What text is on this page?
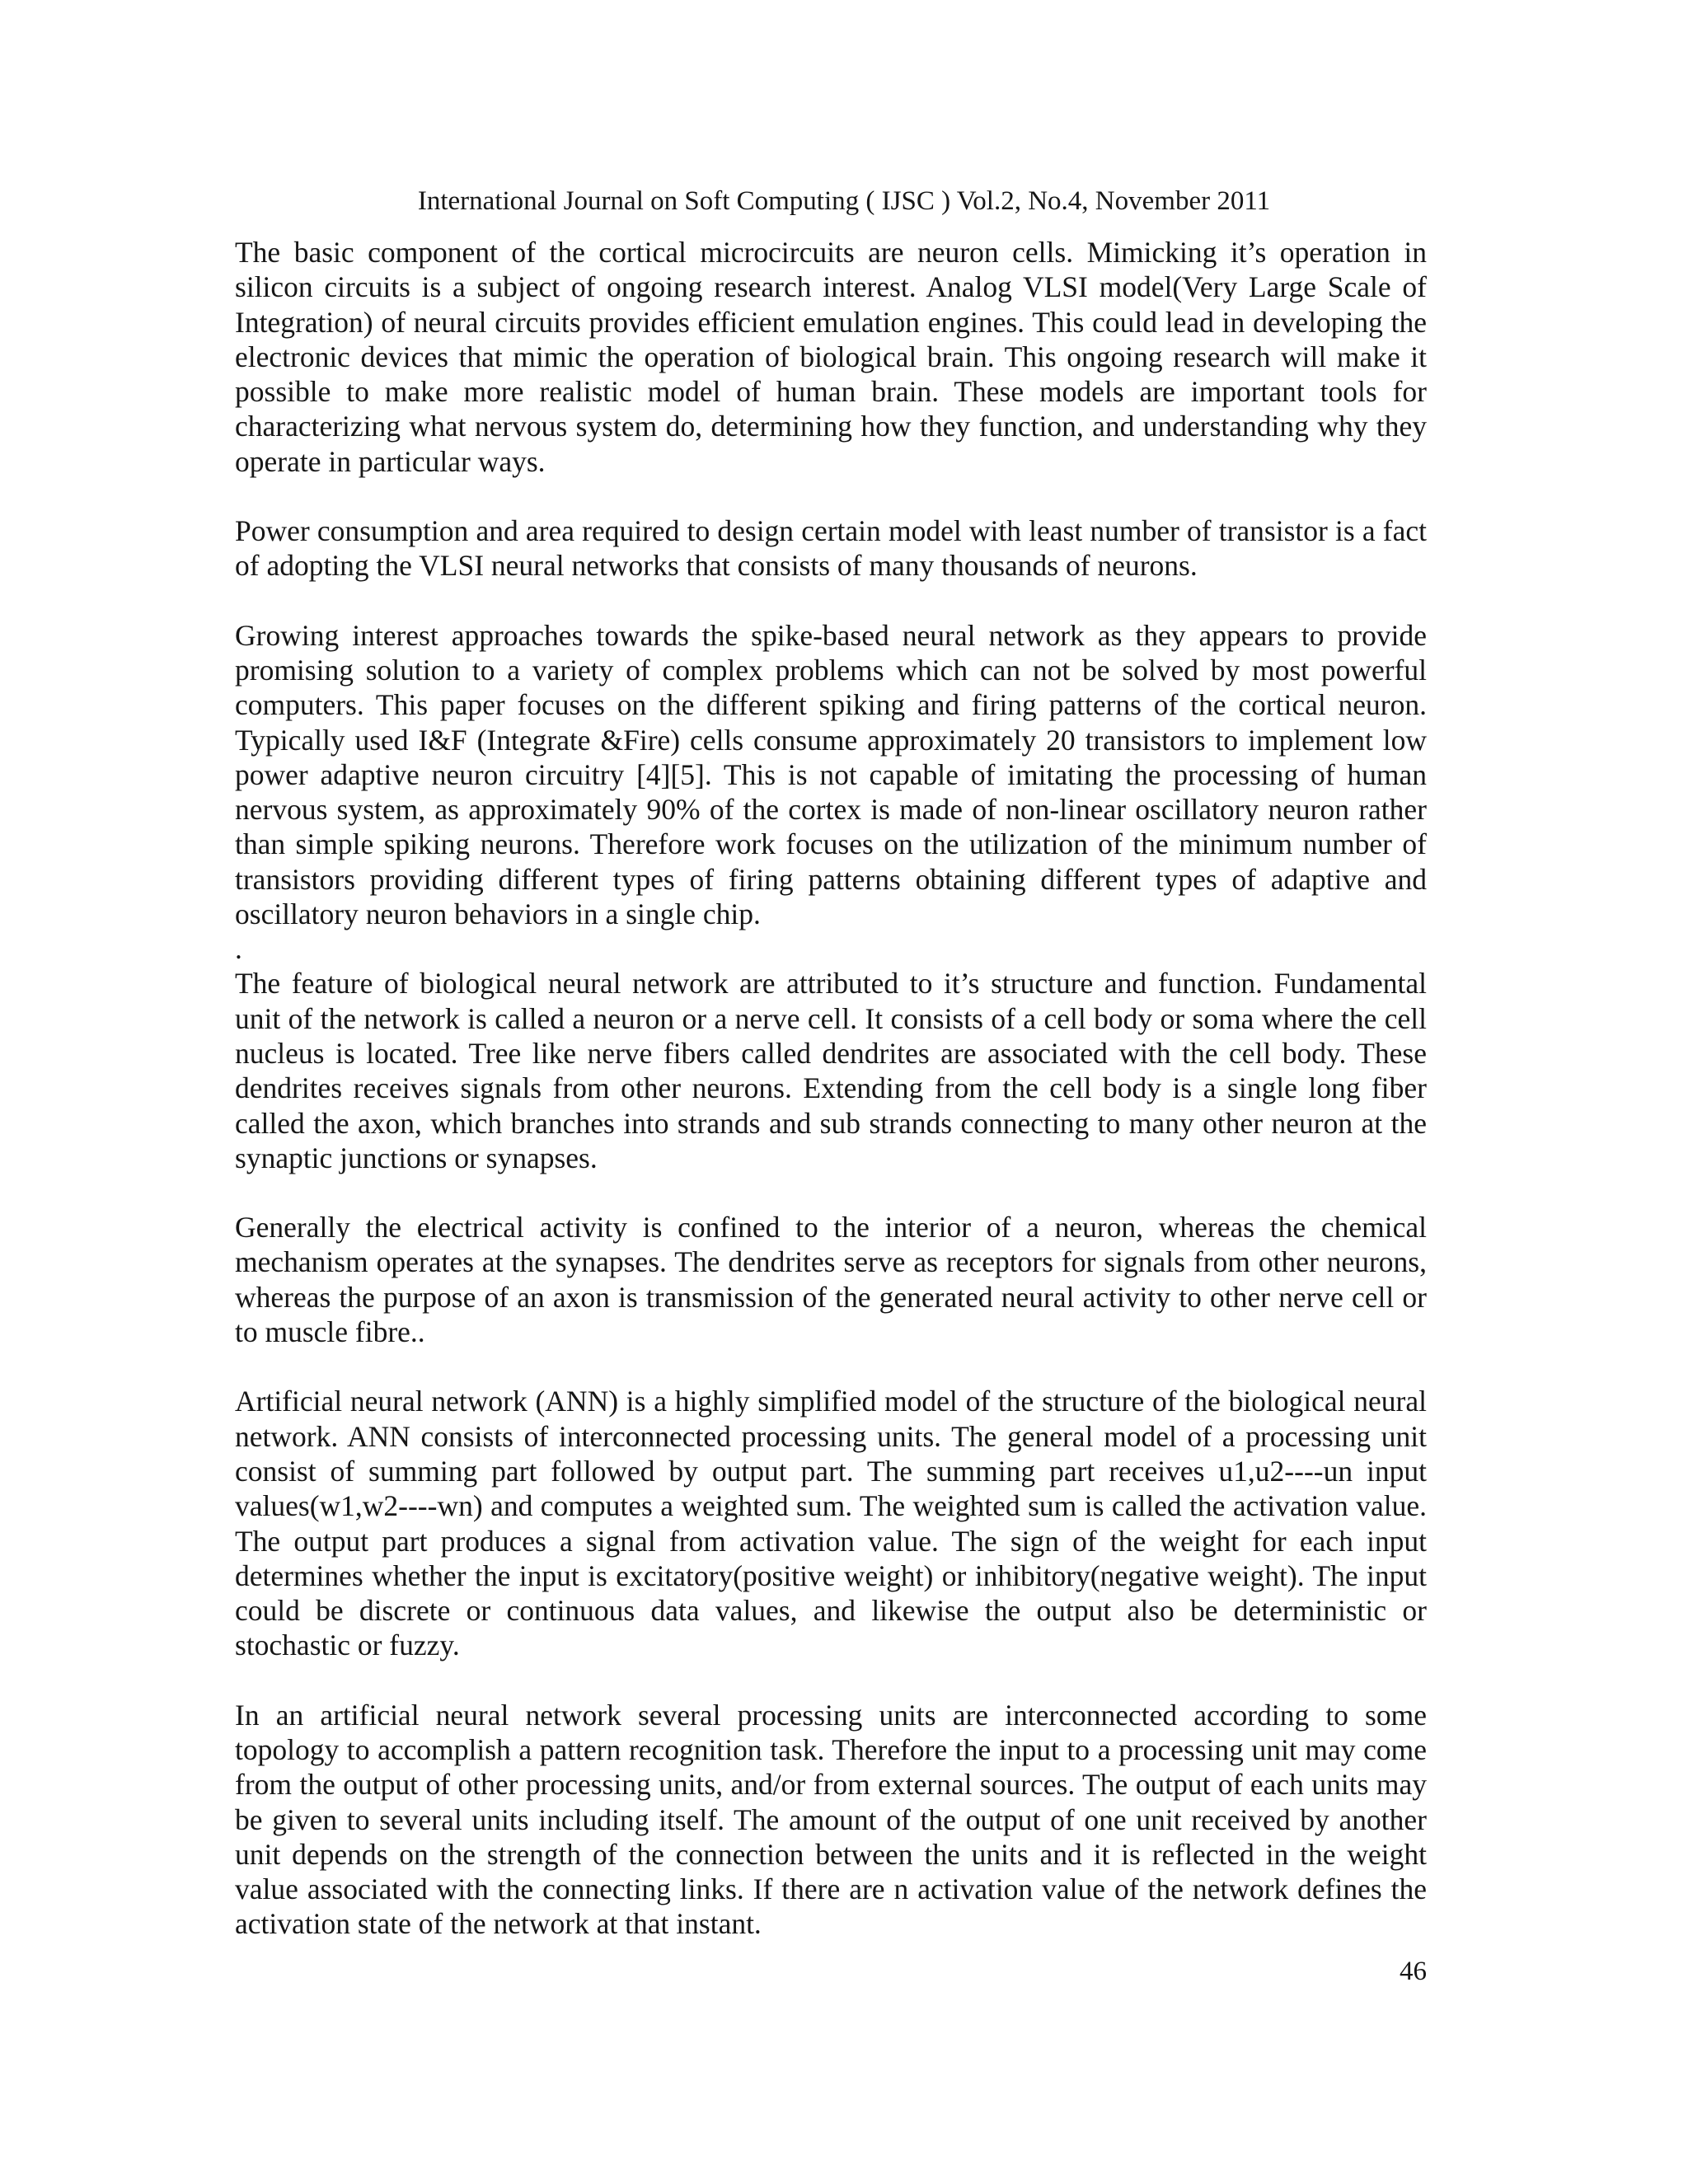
International Journal on Soft Computing ( IJSC ) Vol.2, No.4, November 2011

The basic component of the cortical microcircuits are neuron cells. Mimicking it’s operation in silicon circuits is a subject of ongoing research interest. Analog VLSI model(Very Large Scale of Integration) of neural circuits provides efficient emulation engines. This could lead in developing the electronic devices that mimic the operation of biological brain. This ongoing research will make it possible to make more realistic model of human brain. These models are important tools for characterizing what nervous system do, determining how they function, and understanding why they operate in particular ways.

Power consumption and area required to design certain model with least number of transistor is a fact of adopting the VLSI neural networks that consists of many thousands of neurons.

Growing interest approaches towards the spike-based neural network as they appears to provide promising solution to a variety of complex problems which can not be solved by most powerful computers. This paper focuses on the different spiking and firing patterns of the cortical neuron. Typically used I&F (Integrate &Fire) cells consume approximately 20 transistors to implement low power adaptive neuron circuitry [4][5]. This is not capable of imitating the processing of human nervous system, as approximately 90% of the cortex is made of non-linear oscillatory neuron rather than simple spiking neurons. Therefore work focuses on the utilization of the minimum number of transistors providing different types of firing patterns obtaining different types of adaptive and oscillatory neuron behaviors in a single chip.

.

The feature of biological neural network are attributed to it’s structure and function. Fundamental unit of the network is called a neuron or a nerve cell. It consists of a cell body or soma where the cell nucleus is located. Tree like nerve fibers called dendrites are associated with the cell body. These dendrites receives signals from other neurons. Extending from the cell body is a single long fiber called the axon, which branches into strands and sub strands connecting to many other neuron at the synaptic junctions or synapses.

Generally the electrical activity is confined to the interior of a neuron, whereas the chemical mechanism operates at the synapses. The dendrites serve as receptors for signals from other neurons, whereas the purpose of an axon is transmission of the generated neural activity to other nerve cell or to muscle fibre..

Artificial neural network (ANN) is a highly simplified model of the structure of the biological neural network. ANN consists of interconnected processing units. The general model of a processing unit consist of summing part followed by output part. The summing part receives u1,u2----un input values(w1,w2----wn) and computes a weighted sum. The weighted sum is called the activation value. The output part produces a signal from activation value. The sign of the weight for each input determines whether the input is excitatory(positive weight) or inhibitory(negative weight). The input could be discrete or continuous data values, and likewise the output also be deterministic or stochastic or fuzzy.

In an artificial neural network several processing units are interconnected according to some topology to accomplish a pattern recognition task. Therefore the input to a processing unit may come from the output of other processing units, and/or from external sources. The output of each units may be given to several units including itself. The amount of the output of one unit received by another unit depends on the strength of the connection between the units and it is reflected in the weight value associated with the connecting links. If there are n activation value of the network defines the activation state of the network at that instant.

46
